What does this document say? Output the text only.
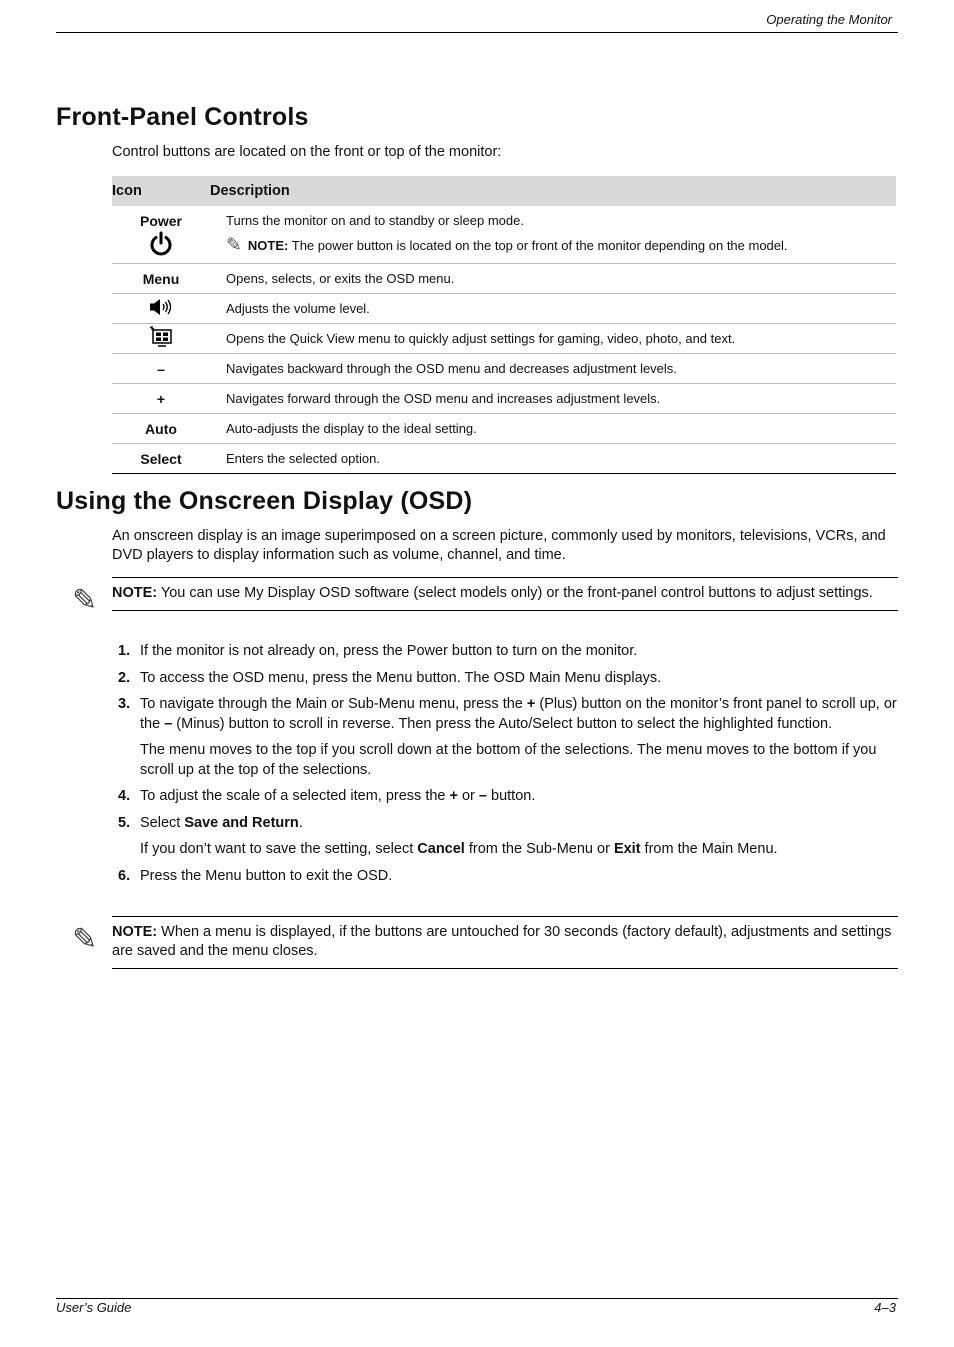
Operating the Monitor
Front-Panel Controls

Control buttons are located on the front or top of the monitor:

Icon	Description

Power	Turns the monitor on and to standby or sleep mode.
✎ NOTE: The power button is located on the top or front of the monitor depending on the model.

Menu	Opens, selects, or exits the OSD menu.

	Adjusts the volume level.

	Opens the Quick View menu to quickly adjust settings for gaming, video, photo, and text.
–	Navigates backward through the OSD menu and decreases adjustment levels.
+	Navigates forward through the OSD menu and increases adjustment levels.
Auto	Auto-adjusts the display to the ideal setting.
Select	Enters the selected option.
Using the Onscreen Display (OSD)

An onscreen display is an image superimposed on a screen picture, commonly used by monitors, televisions, VCRs, and DVD players to display information such as volume, channel, and time.

✎ NOTE: You can use My Display OSD software (select models only) or the front-panel control buttons to adjust settings.

1. If the monitor is not already on, press the Power button to turn on the monitor.
2. To access the OSD menu, press the Menu button. The OSD Main Menu displays.
3. To navigate through the Main or Sub-Menu menu, press the + (Plus) button on the monitor’s front panel to scroll up, or the – (Minus) button to scroll in reverse. Then press the Auto/Select button to select the highlighted function.

The menu moves to the top if you scroll down at the bottom of the selections. The menu moves to the bottom if you scroll up at the top of the selections.

4. To adjust the scale of a selected item, press the + or – button.
5. Select Save and Return.

If you don’t want to save the setting, select Cancel from the Sub-Menu or Exit from the Main Menu.

6. Press the Menu button to exit the OSD.
✎ NOTE: When a menu is displayed, if the buttons are untouched for 30 seconds (factory default), adjustments and settings are saved and the menu closes.

User’s Guide	4–3
